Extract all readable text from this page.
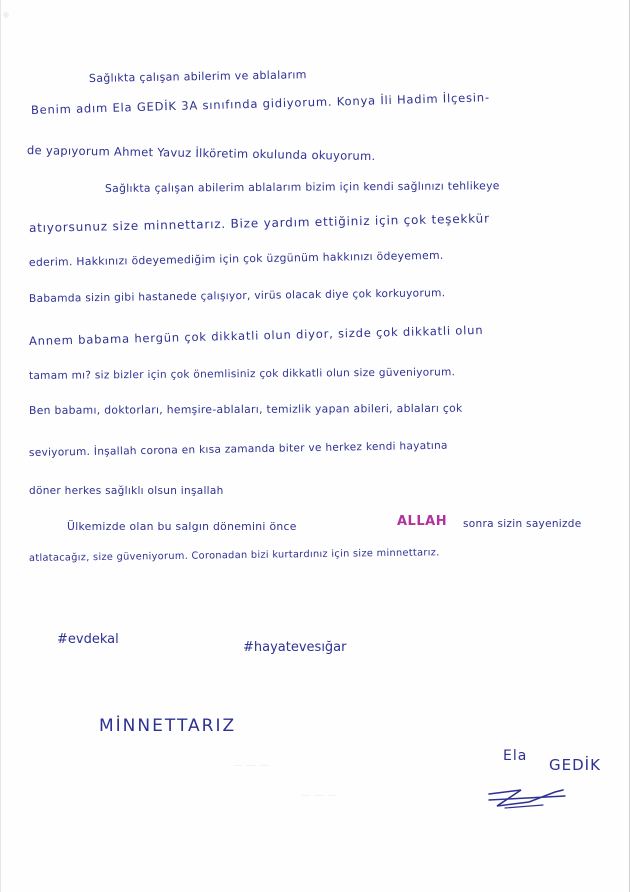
Sağlıkta çalışan abilerim ve ablalarım
Benim adım Ela GEDİK 3A sınıfında gidiyorum. Konya İli Hadim İlçesin-
de yapıyorum Ahmet Yavuz İlköretim okulunda okuyorum.
Sağlıkta çalışan abilerim ablalarım bizim için kendi sağlınızı tehlikeye
atıyorsunuz size minnettarız. Bize yardım ettiğiniz için çok teşekkür
ederim. Hakkınızı ödeyemediğim için çok üzgünüm hakkınızı ödeyemem.
Babamda sizin gibi hastanede çalışıyor, virüs olacak diye çok korkuyorum.
Annem babama hergün çok dikkatli olun diyor, sizde çok dikkatli olun
tamam mı? siz bizler için çok önemlisiniz çok dikkatli olun size güveniyorum.
Ben babamı, doktorları, hemşire-ablaları, temizlik yapan abileri, ablaları çok
seviyorum. İnşallah corona en kısa zamanda biter ve herkez kendi hayatına
döner herkes sağlıklı olsun inşallah
Ülkemizde olan bu salgın dönemini önce	ALLAH sonra sizin sayenizde
atlatacağız, size güveniyorum. Coronadan bizi kurtardınız için size minnettarız.
#evdekal
#hayatevesığar
MİNNETTARIZ
— — —
— — —
Ela GEDİK
